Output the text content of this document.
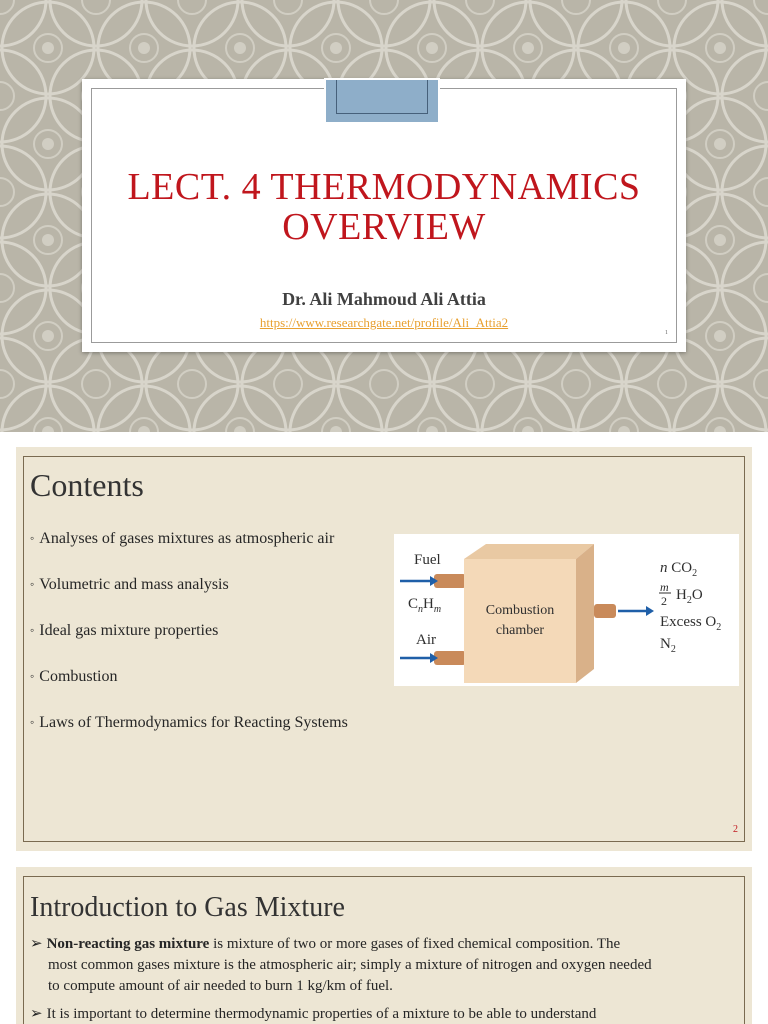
LECT. 4 THERMODYNAMICS
OVERVIEW
Dr. Ali Mahmoud Ali Attia
https://www.researchgate.net/profile/Ali_Attia2
1
Contents
◦ Analyses of gases mixtures as atmospheric air
◦ Volumetric and mass analysis
◦ Ideal gas mixture properties
◦ Combustion
◦ Laws of Thermodynamics for Reacting Systems
Fuel
$C_nH_m$
Air
Combustion
chamber
n $CO_2$
m
2 $H_2O$
Excess $O_2$
$N_2$
2
Introduction to Gas Mixture
➢ Non-reacting gas mixture is mixture of two or more gases of fixed chemical composition. The
most common gases mixture is the atmospheric air; simply a mixture of nitrogen and oxygen needed
to compute amount of air needed to burn 1 kg/km of fuel.
➢ It is important to determine thermodynamic properties of a mixture to be able to understand
